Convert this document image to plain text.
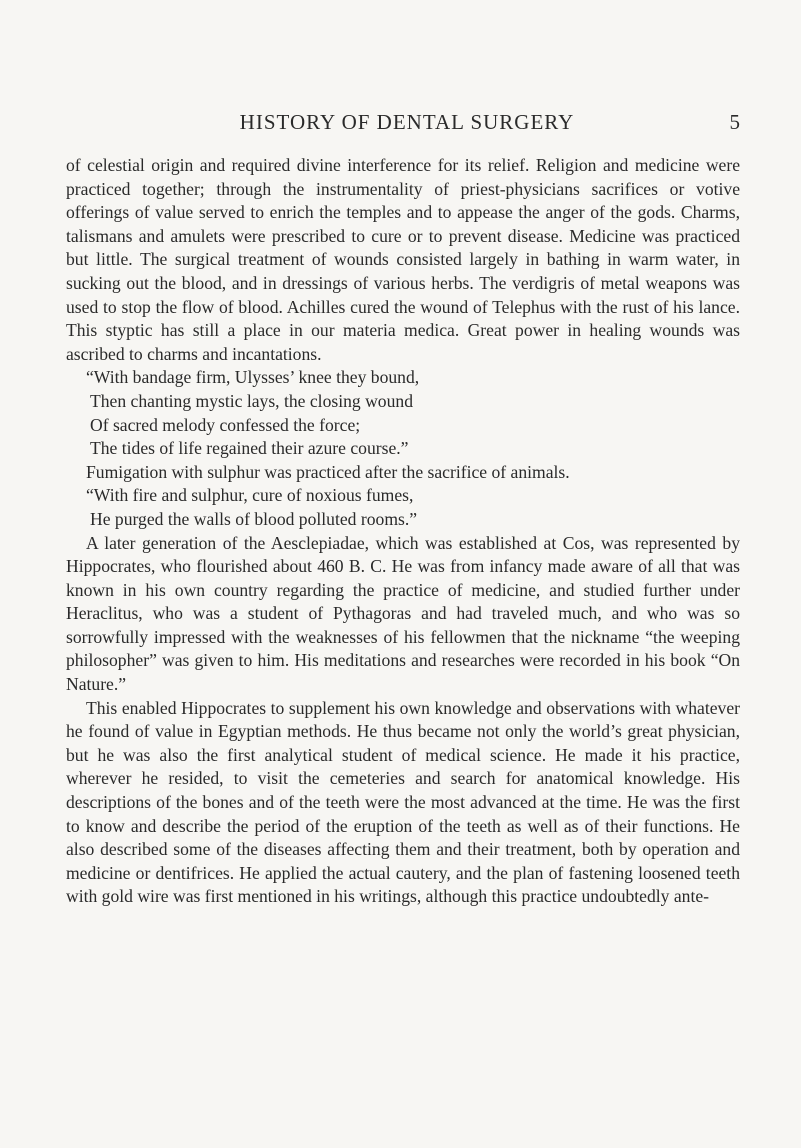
HISTORY OF DENTAL SURGERY	5

of celestial origin and required divine interference for its relief. Religion and medicine were practiced together; through the instrumentality of priest-physicians sacrifices or votive offerings of value served to enrich the temples and to appease the anger of the gods. Charms, talismans and amulets were prescribed to cure or to prevent disease. Medicine was practiced but little. The surgical treatment of wounds consisted largely in bathing in warm water, in sucking out the blood, and in dressings of various herbs. The verdigris of metal weapons was used to stop the flow of blood. Achilles cured the wound of Telephus with the rust of his lance. This styptic has still a place in our materia medica. Great power in healing wounds was ascribed to charms and incantations.

“With bandage firm, Ulysses’ knee they bound,
Then chanting mystic lays, the closing wound
Of sacred melody confessed the force;
The tides of life regained their azure course.”

Fumigation with sulphur was practiced after the sacrifice of animals.

“With fire and sulphur, cure of noxious fumes,
He purged the walls of blood polluted rooms.”

A later generation of the Aesclepiadae, which was established at Cos, was represented by Hippocrates, who flourished about 460 B. C. He was from infancy made aware of all that was known in his own country regarding the practice of medicine, and studied further under Heraclitus, who was a student of Pythagoras and had traveled much, and who was so sorrowfully impressed with the weaknesses of his fellowmen that the nickname “the weeping philosopher” was given to him. His meditations and researches were recorded in his book “On Nature.”

This enabled Hippocrates to supplement his own knowledge and observations with whatever he found of value in Egyptian methods. He thus became not only the world’s great physician, but he was also the first analytical student of medical science. He made it his practice, wherever he resided, to visit the cemeteries and search for anatomical knowledge. His descriptions of the bones and of the teeth were the most advanced at the time. He was the first to know and describe the period of the eruption of the teeth as well as of their functions. He also described some of the diseases affecting them and their treatment, both by operation and medicine or dentifrices. He applied the actual cautery, and the plan of fastening loosened teeth with gold wire was first mentioned in his writings, although this practice undoubtedly ante-
